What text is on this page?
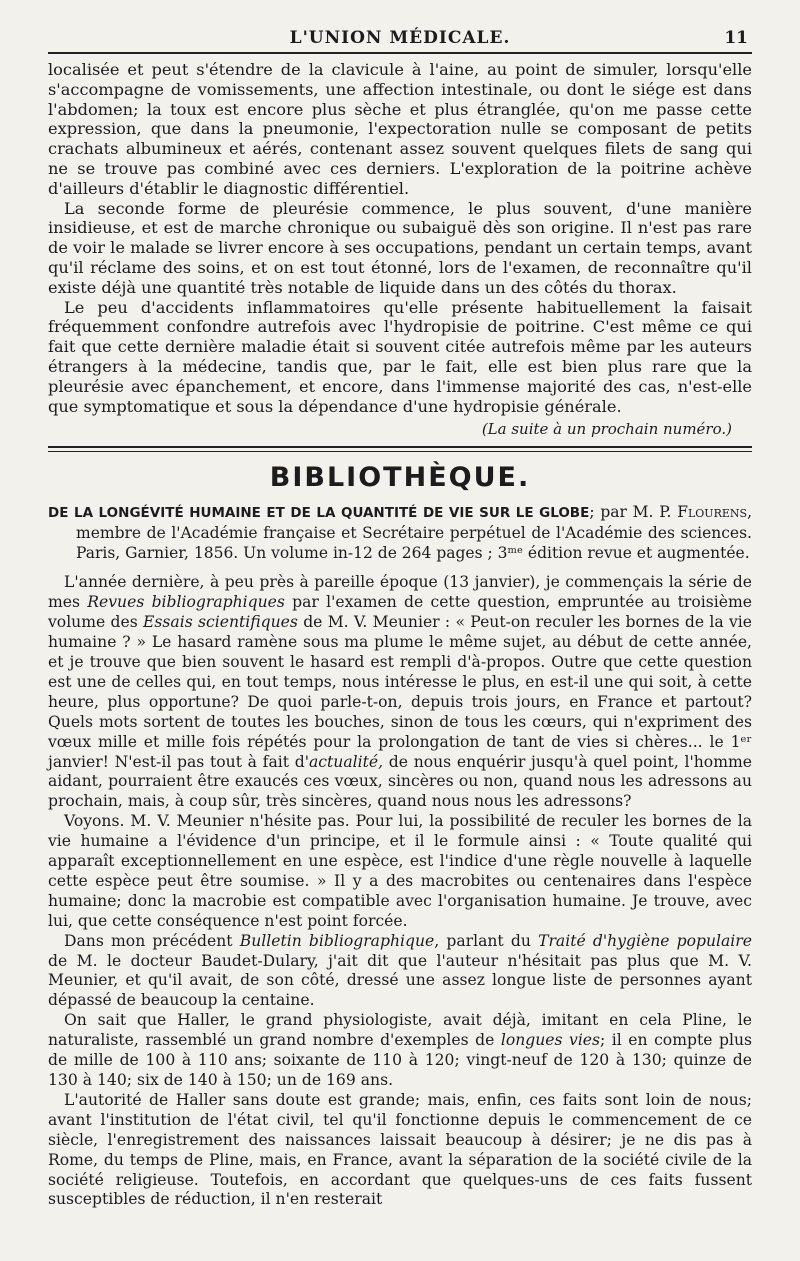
L'UNION MÉDICALE.	11

localisée et peut s'étendre de la clavicule à l'aine, au point de simuler, lorsqu'elle s'accompagne de vomissements, une affection intestinale, ou dont le siége est dans l'abdomen; la toux est encore plus sèche et plus étranglée, qu'on me passe cette expression, que dans la pneumonie, l'expectoration nulle se composant de petits crachats albumineux et aérés, contenant assez souvent quelques filets de sang qui ne se trouve pas combiné avec ces derniers. L'exploration de la poitrine achève d'ailleurs d'établir le diagnostic différentiel.

La seconde forme de pleurésie commence, le plus souvent, d'une manière insidieuse, et est de marche chronique ou subaiguë dès son origine. Il n'est pas rare de voir le malade se livrer encore à ses occupations, pendant un certain temps, avant qu'il réclame des soins, et on est tout étonné, lors de l'examen, de reconnaître qu'il existe déjà une quantité très notable de liquide dans un des côtés du thorax.

Le peu d'accidents inflammatoires qu'elle présente habituellement la faisait fréquemment confondre autrefois avec l'hydropisie de poitrine. C'est même ce qui fait que cette dernière maladie était si souvent citée autrefois même par les auteurs étrangers à la médecine, tandis que, par le fait, elle est bien plus rare que la pleurésie avec épanchement, et encore, dans l'immense majorité des cas, n'est-elle que symptomatique et sous la dépendance d'une hydropisie générale.

(La suite à un prochain numéro.)
BIBLIOTHÈQUE.

DE LA LONGÉVITÉ HUMAINE ET DE LA QUANTITÉ DE VIE SUR LE GLOBE; par M. P. Flourens, membre de l'Académie française et Secrétaire perpétuel de l'Académie des sciences. Paris, Garnier, 1856. Un volume in-12 de 264 pages ; 3ᵐᵉ édition revue et augmentée.

L'année dernière, à peu près à pareille époque (13 janvier), je commençais la série de mes Revues bibliographiques par l'examen de cette question, empruntée au troisième volume des Essais scientifiques de M. V. Meunier : « Peut-on reculer les bornes de la vie humaine ? » Le hasard ramène sous ma plume le même sujet, au début de cette année, et je trouve que bien souvent le hasard est rempli d'à-propos. Outre que cette question est une de celles qui, en tout temps, nous intéresse le plus, en est-il une qui soit, à cette heure, plus opportune? De quoi parle-t-on, depuis trois jours, en France et partout? Quels mots sortent de toutes les bouches, sinon de tous les cœurs, qui n'expriment des vœux mille et mille fois répétés pour la prolongation de tant de vies si chères... le 1ᵉʳ janvier! N'est-il pas tout à fait d'actualité, de nous enquérir jusqu'à quel point, l'homme aidant, pourraient être exaucés ces vœux, sincères ou non, quand nous les adressons au prochain, mais, à coup sûr, très sincères, quand nous nous les adressons?

Voyons. M. V. Meunier n'hésite pas. Pour lui, la possibilité de reculer les bornes de la vie humaine a l'évidence d'un principe, et il le formule ainsi : « Toute qualité qui apparaît exceptionnellement en une espèce, est l'indice d'une règle nouvelle à laquelle cette espèce peut être soumise. » Il y a des macrobites ou centenaires dans l'espèce humaine; donc la macrobie est compatible avec l'organisation humaine. Je trouve, avec lui, que cette conséquence n'est point forcée.

Dans mon précédent Bulletin bibliographique, parlant du Traité d'hygiène populaire de M. le docteur Baudet-Dulary, j'ait dit que l'auteur n'hésitait pas plus que M. V. Meunier, et qu'il avait, de son côté, dressé une assez longue liste de personnes ayant dépassé de beaucoup la centaine.

On sait que Haller, le grand physiologiste, avait déjà, imitant en cela Pline, le naturaliste, rassemblé un grand nombre d'exemples de longues vies; il en compte plus de mille de 100 à 110 ans; soixante de 110 à 120; vingt-neuf de 120 à 130; quinze de 130 à 140; six de 140 à 150; un de 169 ans.

L'autorité de Haller sans doute est grande; mais, enfin, ces faits sont loin de nous; avant l'institution de l'état civil, tel qu'il fonctionne depuis le commencement de ce siècle, l'enregistrement des naissances laissait beaucoup à désirer; je ne dis pas à Rome, du temps de Pline, mais, en France, avant la séparation de la société civile de la société religieuse. Toutefois, en accordant que quelques-uns de ces faits fussent susceptibles de réduction, il n'en resterait
